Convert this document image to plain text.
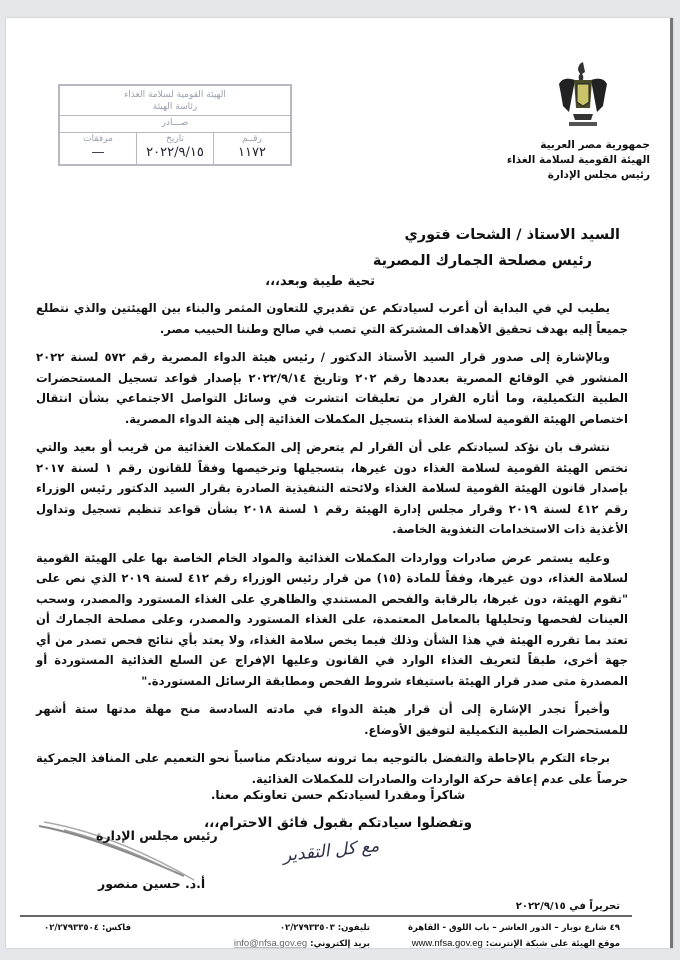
جمهورية مصر العربية
الهيئة القومية لسلامة الغذاء
رئيس مجلس الإدارة
الهيئة القومية لسلامة الغذاء
رئاسة الهيئة
صـــادر
رقــم
١١٧٢
تاريخ
٢٠٢٢/٩/١٥
مرفقات
—
السيد الاستاذ / الشحات فتوري
رئيس مصلحة الجمارك المصرية
تحية طيبة وبعد،،،

يطيب لي في البداية أن أعرب لسيادتكم عن تقديري للتعاون المثمر والبناء بين الهيئتين والذي نتطلع جميعاً إليه بهدف تحقيق الأهداف المشتركة التي تصب في صالح وطننا الحبيب مصر.

وبالإشارة إلى صدور قرار السيد الأستاذ الدكتور / رئيس هيئة الدواء المصرية رقم ٥٧٢ لسنة ٢٠٢٢ المنشور في الوقائع المصرية بعددها رقم ٢٠٢ وتاريخ ٢٠٢٢/٩/١٤ بإصدار قواعد تسجيل المستحضرات الطبية التكميلية، وما أثاره القرار من تعليقات انتشرت في وسائل التواصل الاجتماعي بشأن انتقال اختصاص الهيئة القومية لسلامة الغذاء بتسجيل المكملات الغذائية إلى هيئة الدواء المصرية.

نتشرف بان نؤكد لسيادتكم على أن القرار لم يتعرض إلى المكملات الغذائية من قريب أو بعيد والتي تختص الهيئة القومية لسلامة الغذاء دون غيرها، بتسجيلها وترخيصها وفقاً للقانون رقم ١ لسنة ٢٠١٧ بإصدار قانون الهيئة القومية لسلامة الغذاء ولائحته التنفيذية الصادرة بقرار السيد الدكتور رئيس الوزراء رقم ٤١٢ لسنة ٢٠١٩ وقرار مجلس إدارة الهيئة رقم ١ لسنة ٢٠١٨ بشأن قواعد تنظيم تسجيل وتداول الأغذية ذات الاستخدامات التغذوية الخاصة.

وعليه يستمر عرض صادرات وواردات المكملات الغذائية والمواد الخام الخاصة بها على الهيئة القومية لسلامة الغذاء، دون غيرها، وفقاً للمادة (١٥) من قرار رئيس الوزراء رقم ٤١٢ لسنة ٢٠١٩ الذي نص على "تقوم الهيئة، دون غيرها، بالرقابة والفحص المستندي والظاهري على الغذاء المستورد والمصدر، وسحب العينات لفحصها وتحليلها بالمعامل المعتمدة، على الغذاء المستورد والمصدر، وعلى مصلحة الجمارك أن تعتد بما تقرره الهيئة في هذا الشأن وذلك فيما يخص سلامة الغذاء، ولا يعتد بأي نتائج فحص تصدر من أي جهة أخرى، طبقاً لتعريف الغذاء الوارد في القانون وعليها الإفراج عن السلع الغذائية المستوردة أو المصدرة متى صدر قرار الهيئة باستيفاء شروط الفحص ومطابقة الرسائل المستوردة."

وأخيراً تجدر الإشارة إلى أن قرار هيئة الدواء في مادته السادسة منح مهلة مدتها ستة أشهر للمستحضرات الطبية التكميلية لتوفيق الأوضاع.

برجاء التكرم بالإحاطة والتفضل بالتوجيه بما ترونه سيادتكم مناسباً نحو التعميم على المنافذ الجمركية حرصاً على عدم إعاقة حركة الواردات والصادرات للمكملات الغذائية.

شاكراً ومقدرا لسيادتكم حسن تعاونكم معنا.
وتفضلوا سيادتكم بقبول فائق الاحترام،،،
رئيس مجلس الإدارة
مع كل التقدير
أ.د. حسين منصور
تحريراً في ٢٠٢٢/٩/١٥
٤٩ شارع نوبار – الدور العاشر – باب اللوق - القاهرة
موقع الهيئة على شبكة الإنترنت: www.nfsa.gov.eg
تليفون: ٠٢/٢٧٩٣٣٥٠٣
بريد إلكتروني: info@nfsa.gov.eg
فاكس: ٠٢/٢٧٩٣٣٥٠٤
